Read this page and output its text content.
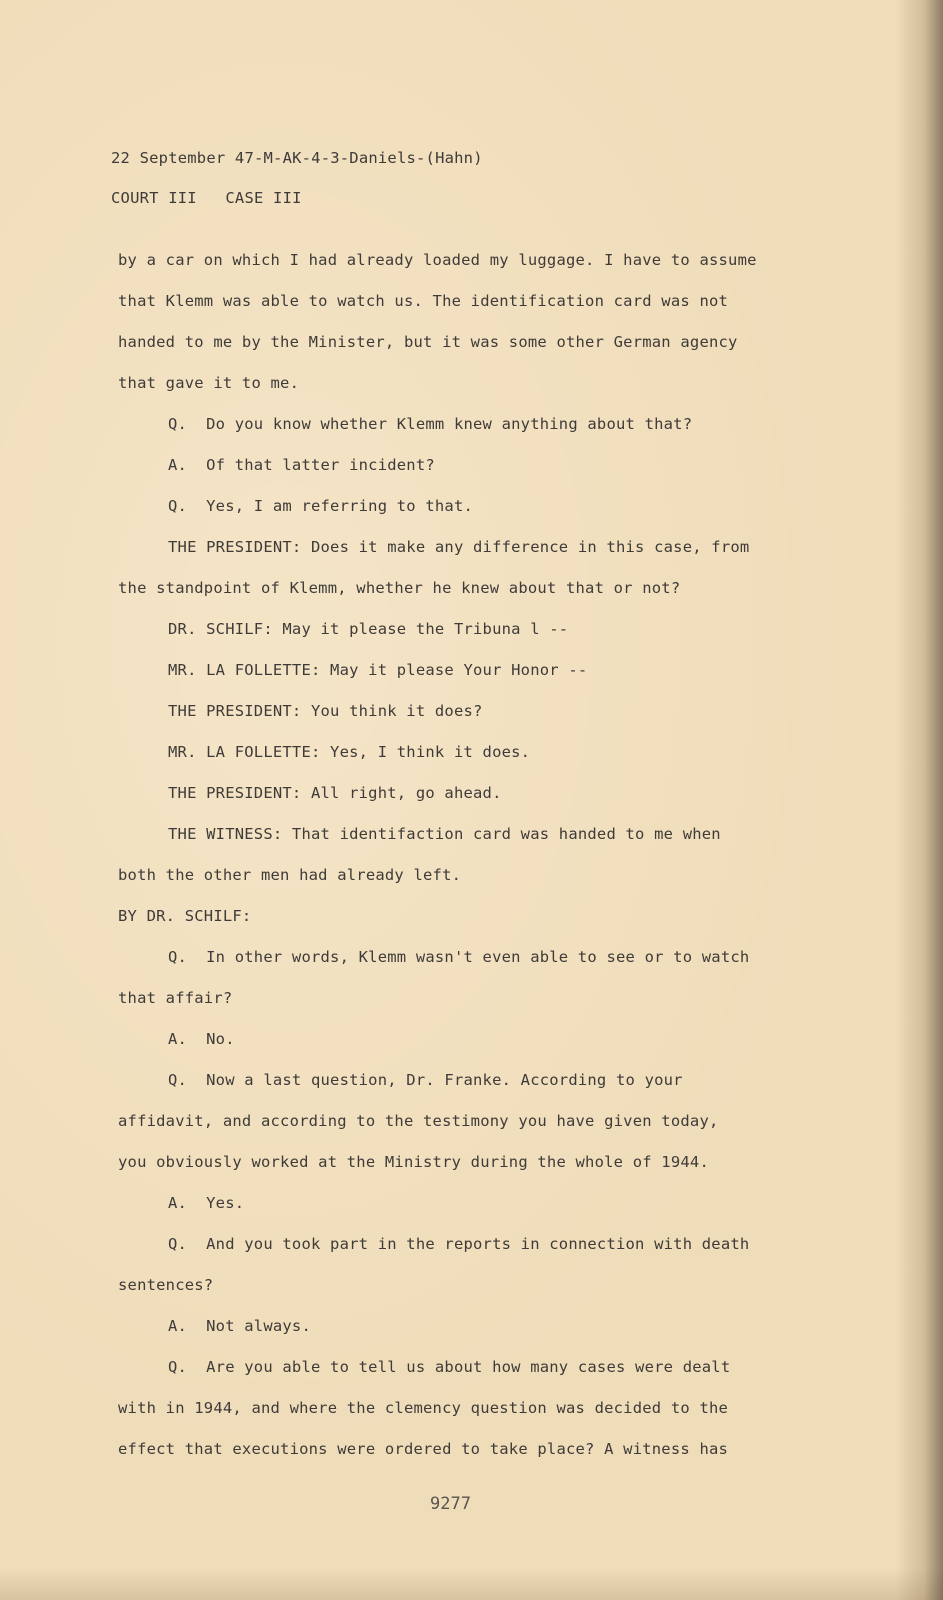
22 September 47-M-AK-4-3-Daniels-(Hahn)
COURT III   CASE III
by a car on which I had already loaded my luggage. I have to assume
that Klemm was able to watch us. The identification card was not
handed to me by the Minister, but it was some other German agency
that gave it to me.
Q.  Do you know whether Klemm knew anything about that?
A.  Of that latter incident?
Q.  Yes, I am referring to that.
THE PRESIDENT: Does it make any difference in this case, from
the standpoint of Klemm, whether he knew about that or not?
DR. SCHILF: May it please the Tribuna l --
MR. LA FOLLETTE: May it please Your Honor --
THE PRESIDENT: You think it does?
MR. LA FOLLETTE: Yes, I think it does.
THE PRESIDENT: All right, go ahead.
THE WITNESS: That identifaction card was handed to me when
both the other men had already left.
BY DR. SCHILF:
Q.  In other words, Klemm wasn't even able to see or to watch
that affair?
A.  No.
Q.  Now a last question, Dr. Franke. According to your
affidavit, and according to the testimony you have given today,
you obviously worked at the Ministry during the whole of 1944.
A.  Yes.
Q.  And you took part in the reports in connection with death
sentences?
A.  Not always.
Q.  Are you able to tell us about how many cases were dealt
with in 1944, and where the clemency question was decided to the
effect that executions were ordered to take place? A witness has
9277
